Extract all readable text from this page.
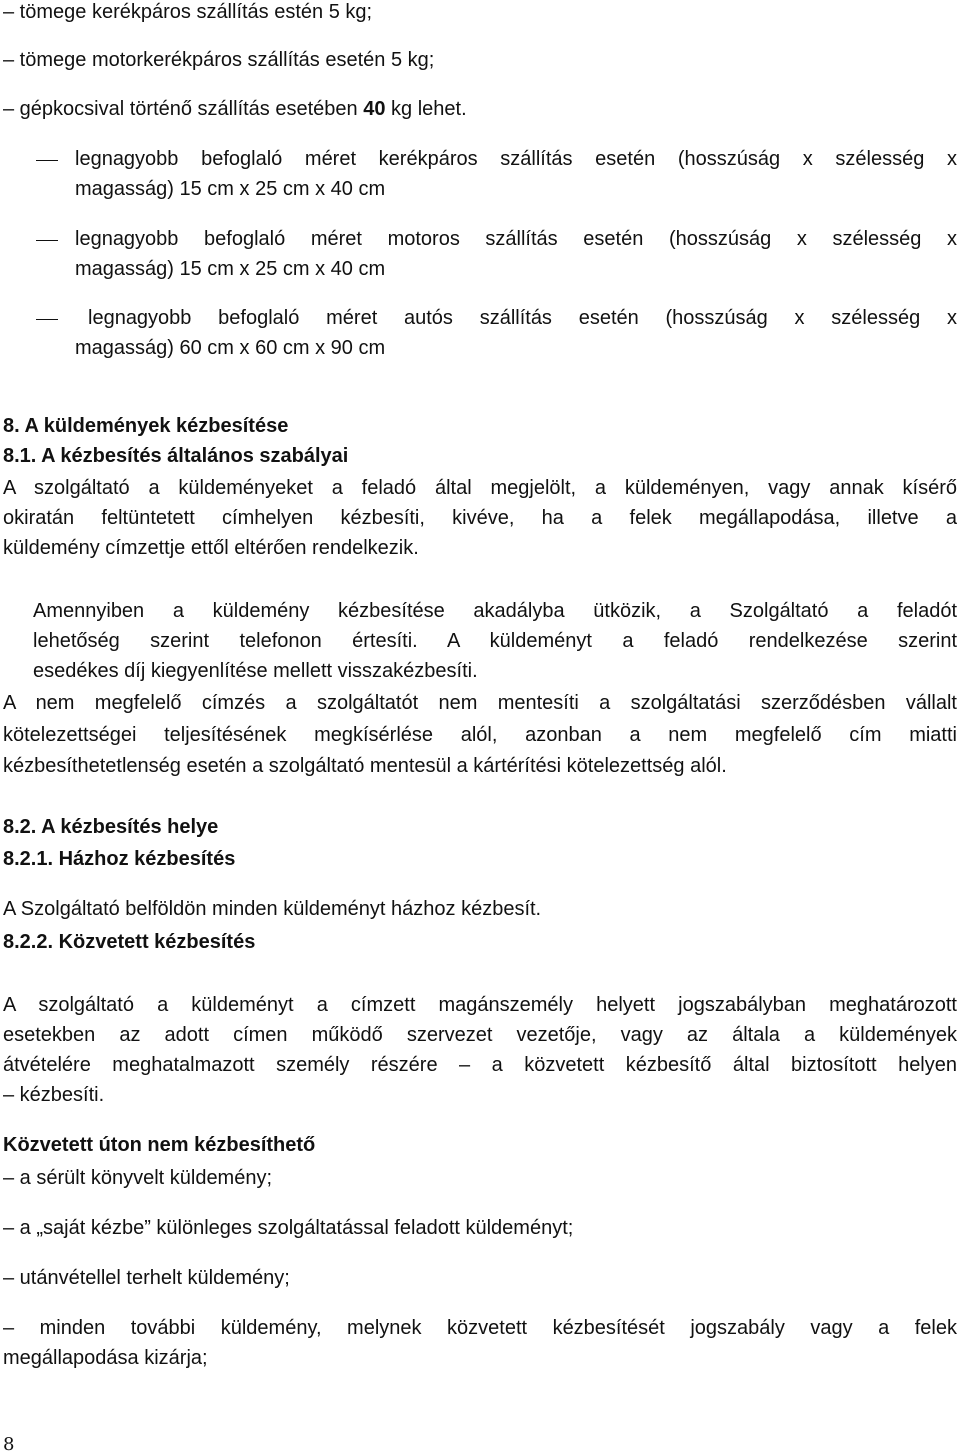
– tömege kerékpáros szállítás estén 5 kg;

– tömege motorkerékpáros szállítás esetén 5 kg;

– gépkocsival történő szállítás esetében 40 kg lehet.

legnagyobb befoglaló méret kerékpáros szállítás esetén (hosszúság x szélesség x

magasság) 15 cm x 25 cm x 40 cm

legnagyobb befoglaló méret motoros szállítás esetén (hosszúság x szélesség x

magasság) 15 cm x 25 cm x 40 cm

legnagyobb befoglaló méret autós szállítás esetén (hosszúság x szélesség x

magasság) 60 cm x 60 cm x 90 cm

8. A küldemények kézbesítése

8.1. A kézbesítés általános szabályai

A szolgáltató a küldeményeket a feladó által megjelölt, a küldeményen, vagy annak kísérő
okiratán feltüntetett címhelyen kézbesíti, kivéve, ha a felek megállapodása, illetve a

küldemény címzettje ettől eltérően rendelkezik.

Amennyiben a küldemény kézbesítése akadályba ütközik, a Szolgáltató a feladót
lehetőség szerint telefonon értesíti. A küldeményt a feladó rendelkezése szerint

esedékes díj kiegyenlítése mellett visszakézbesíti.

A nem megfelelő címzés a szolgáltatót nem mentesíti a szolgáltatási szerződésben vállalt
kötelezettségei teljesítésének megkísérlése alól, azonban a nem megfelelő cím miatti

kézbesíthetetlenség esetén a szolgáltató mentesül a kártérítési kötelezettség alól.

8.2. A kézbesítés helye

8.2.1. Házhoz kézbesítés

A Szolgáltató belföldön minden küldeményt házhoz kézbesít.

8.2.2. Közvetett kézbesítés

A szolgáltató a küldeményt a címzett magánszemély helyett jogszabályban meghatározott
esetekben az adott címen működő szervezet vezetője, vagy az általa a küldemények
átvételére meghatalmazott személy részére – a közvetett kézbesítő által biztosított helyen

– kézbesíti.

Közvetett úton nem kézbesíthető

– a sérült könyvelt küldemény;

– a „saját kézbe” különleges szolgáltatással feladott küldeményt;

– utánvétellel terhelt küldemény;

– minden további küldemény, melynek közvetett kézbesítését jogszabály vagy a felek

megállapodása kizárja;

8
